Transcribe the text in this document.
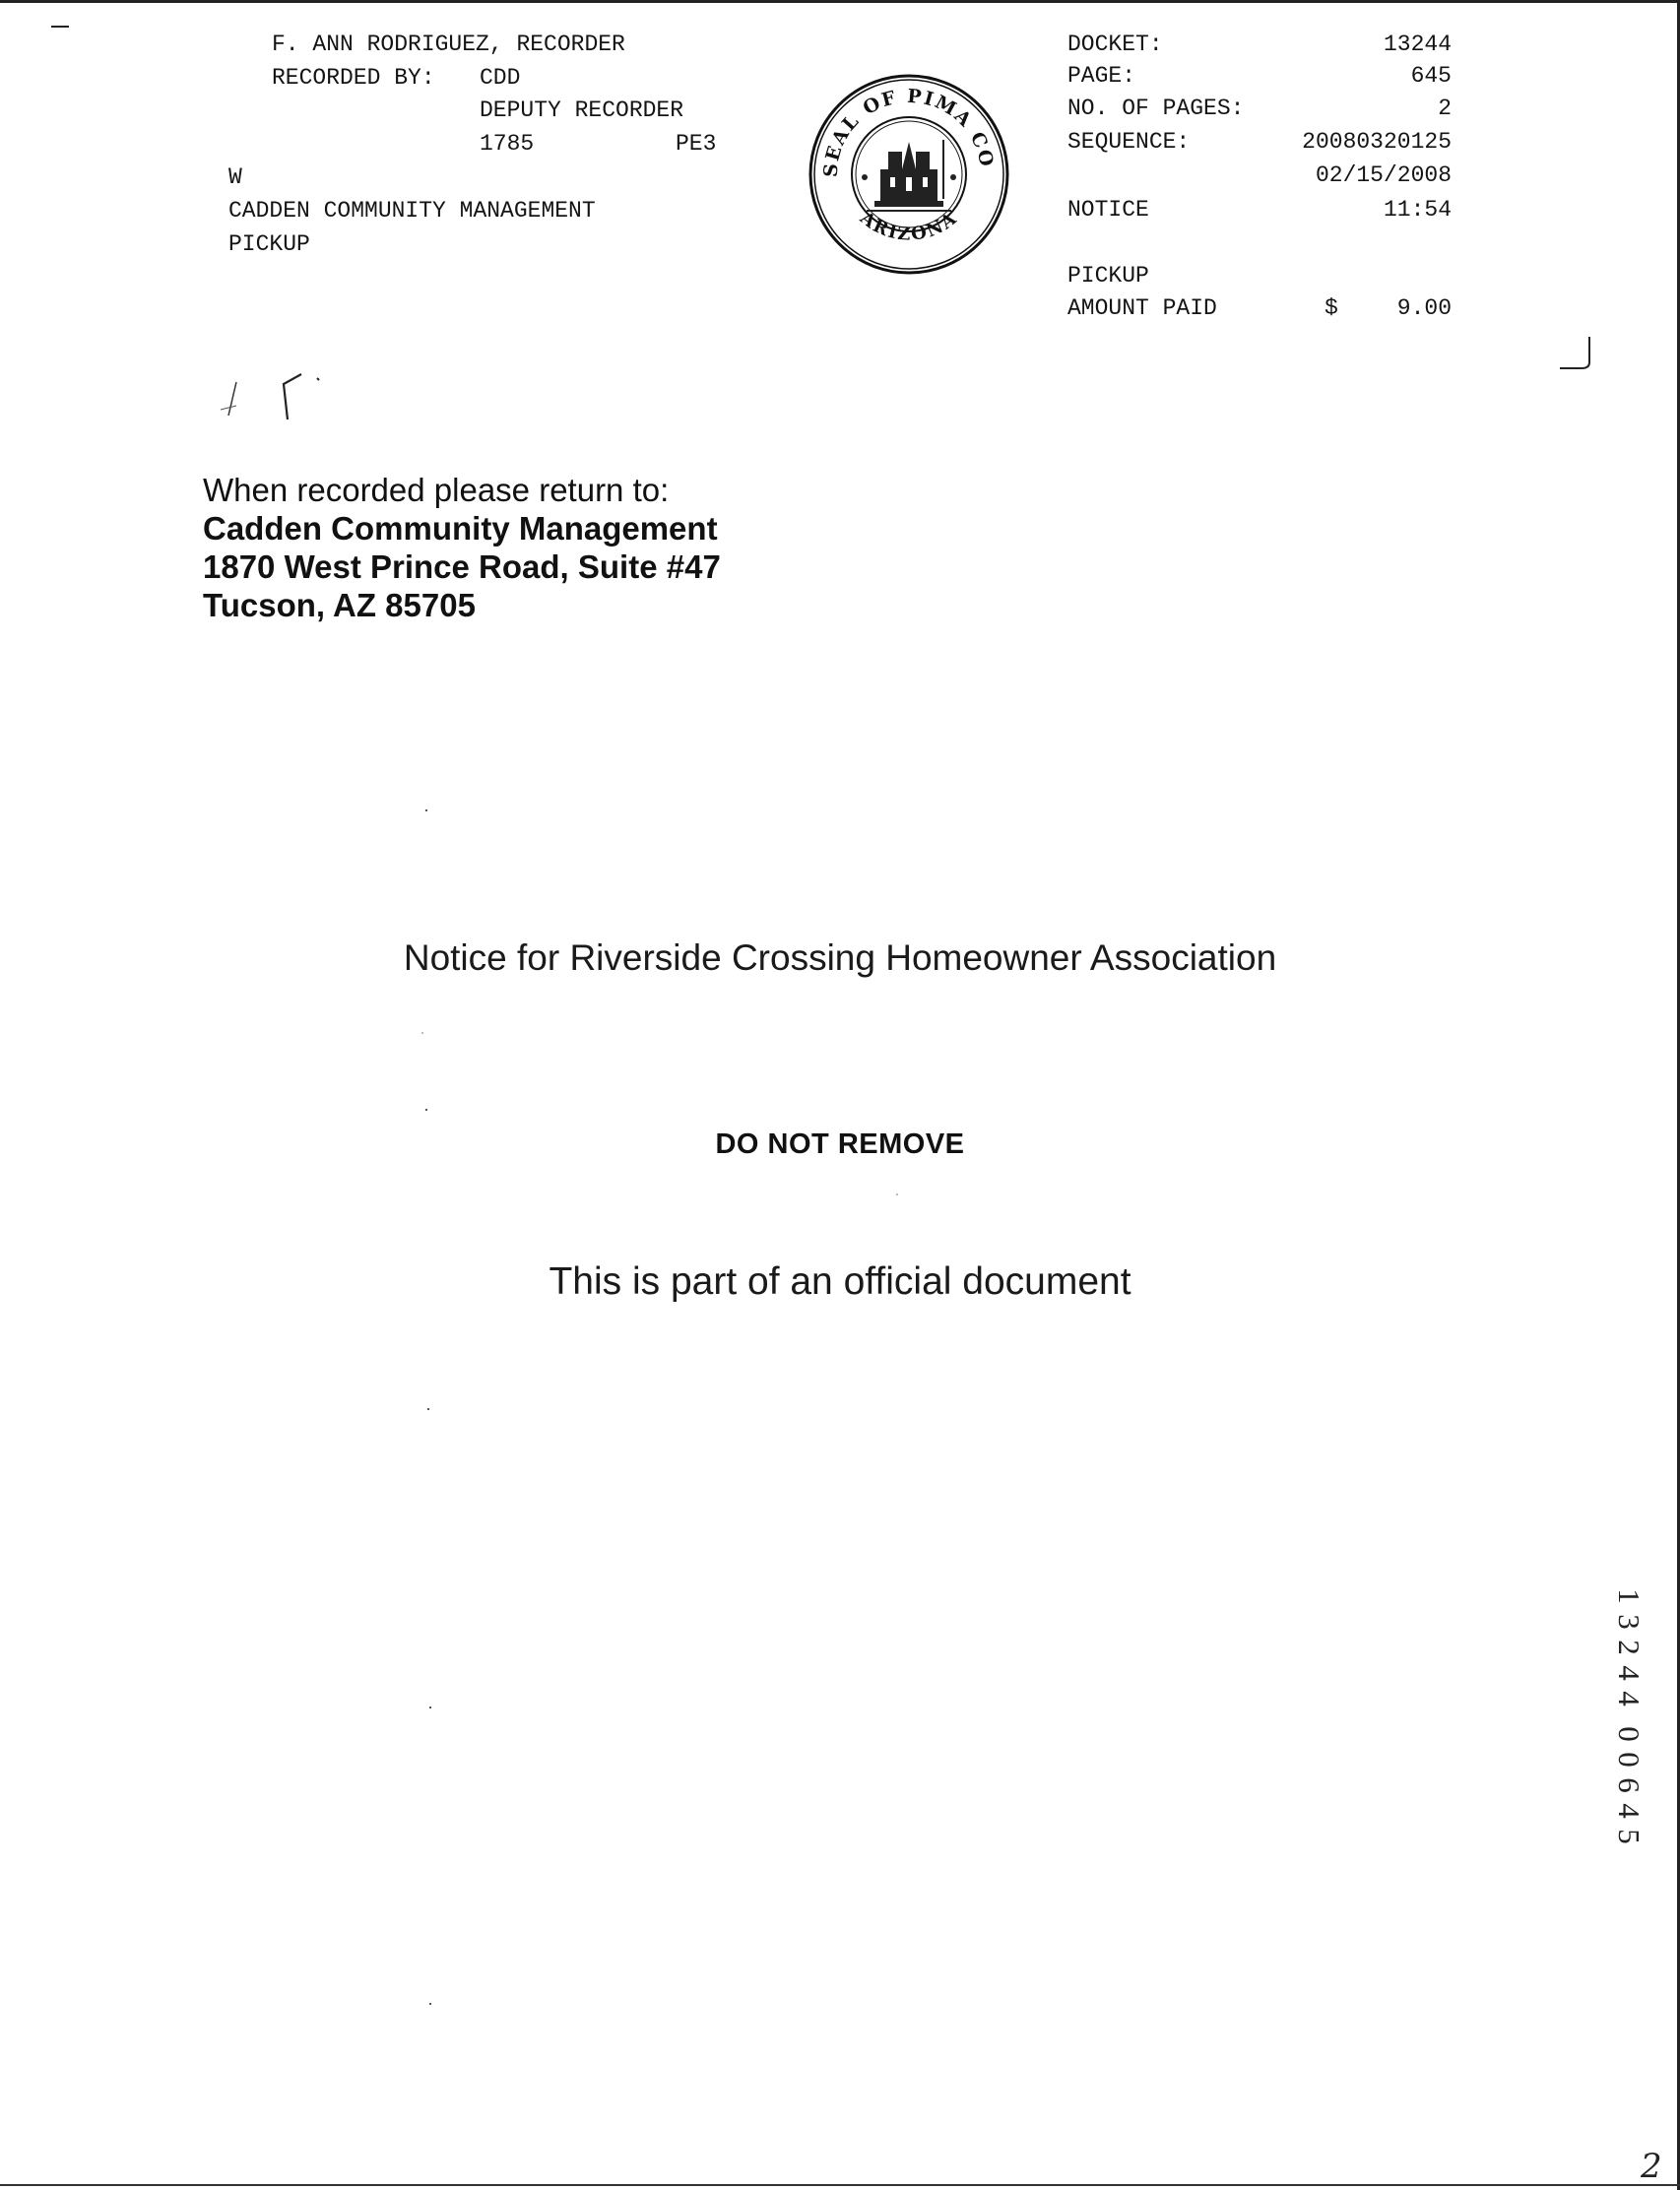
F. ANN RODRIGUEZ, RECORDER
RECORDED BY: CDD
DEPUTY RECORDER
1785	PE3
W
CADDEN COMMUNITY MANAGEMENT
PICKUP
SEAL OF PIMA CO
ARIZONA
DOCKET:	13244
PAGE:	645
NO. OF PAGES:	2
SEQUENCE:	20080320125
02/15/2008
NOTICE	11:54
PICKUP
AMOUNT PAID	$	9.00
When recorded please return to:
Cadden Community Management
1870 West Prince Road, Suite #47
Tucson, AZ 85705
Notice for Riverside Crossing Homeowner Association
DO NOT REMOVE
This is part of an official document
1
3
2
4
4
0
0
6
4
5
2
